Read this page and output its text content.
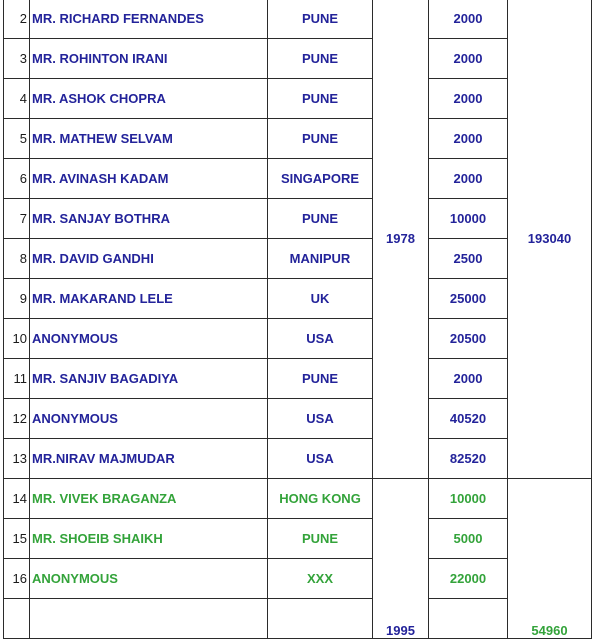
2	MR. RICHARD FERNANDES	PUNE	1978	2000	193040
3	MR. ROHINTON IRANI	PUNE		2000	
4	MR. ASHOK CHOPRA	PUNE		2000	
5	MR. MATHEW SELVAM	PUNE		2000	
6	MR. AVINASH KADAM	SINGAPORE		2000	
7	MR. SANJAY BOTHRA	PUNE		10000	
8	MR. DAVID GANDHI	MANIPUR		2500	
9	MR. MAKARAND LELE	UK		25000	
10	ANONYMOUS	USA		20500	
11	MR. SANJIV BAGADIYA	PUNE		2000	
12	ANONYMOUS	USA		40520	
13	MR.NIRAV MAJMUDAR	USA		82520	
14	MR. VIVEK BRAGANZA	HONG KONG	1995	10000	54960
15	MR. SHOEIB SHAIKH	PUNE		5000	
16	ANONYMOUS	XXX		22000	
